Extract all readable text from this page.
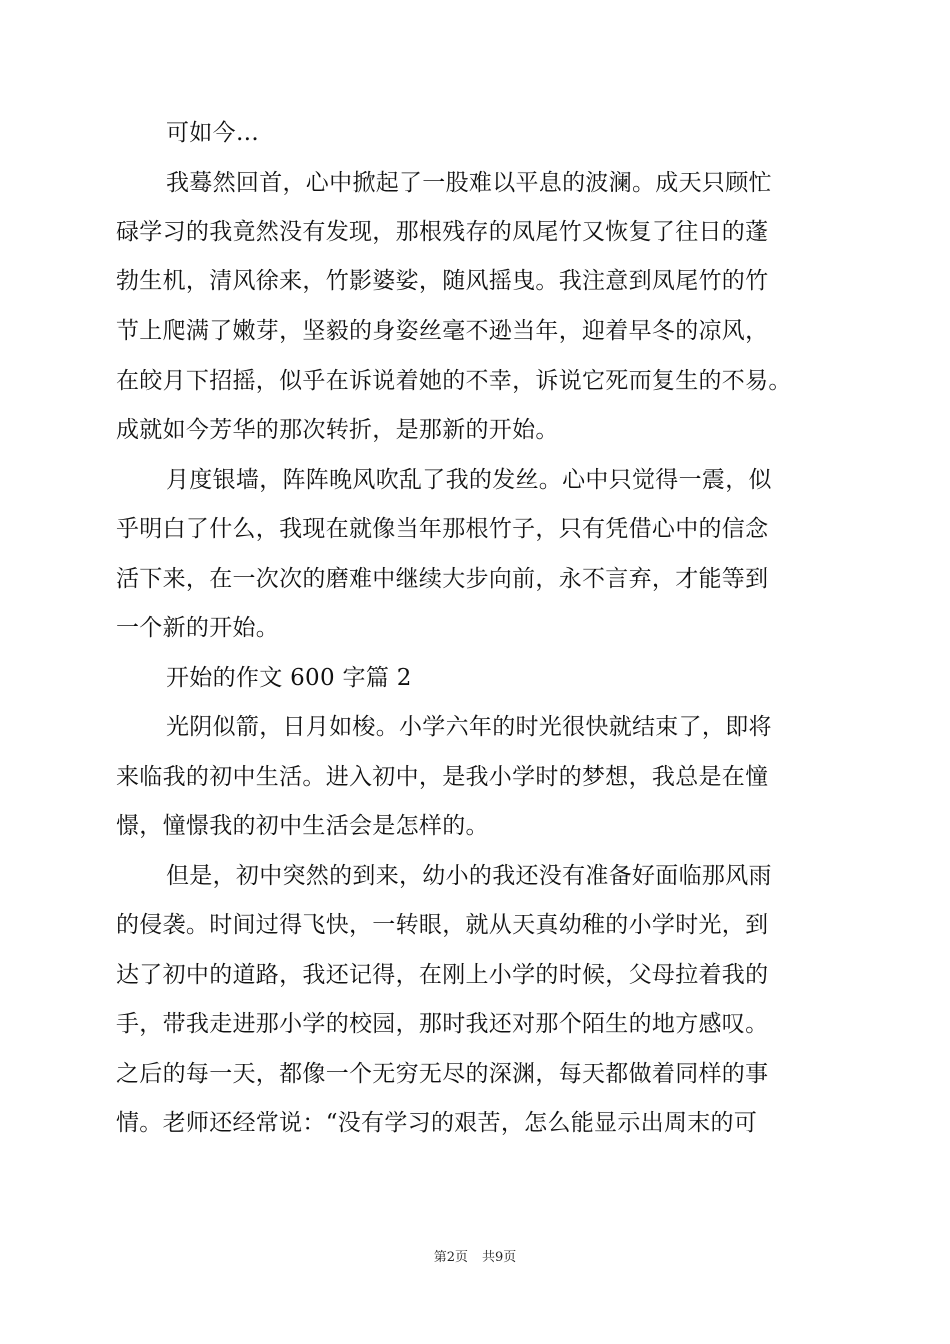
可如今…
我蓦然回首，心中掀起了一股难以平息的波澜。成天只顾忙
碌学习的我竟然没有发现，那根残存的凤尾竹又恢复了往日的蓬
勃生机，清风徐来，竹影婆娑，随风摇曳。我注意到凤尾竹的竹
节上爬满了嫩芽，坚毅的身姿丝毫不逊当年，迎着早冬的凉风，
在皎月下招摇，似乎在诉说着她的不幸，诉说它死而复生的不易。
成就如今芳华的那次转折，是那新的开始。
月度银墙，阵阵晚风吹乱了我的发丝。心中只觉得一震，似
乎明白了什么，我现在就像当年那根竹子，只有凭借心中的信念
活下来，在一次次的磨难中继续大步向前，永不言弃，才能等到
一个新的开始。
开始的作文 600 字篇 2
光阴似箭，日月如梭。小学六年的时光很快就结束了，即将
来临我的初中生活。进入初中，是我小学时的梦想，我总是在憧
憬，憧憬我的初中生活会是怎样的。
但是，初中突然的到来，幼小的我还没有准备好面临那风雨
的侵袭。时间过得飞快，一转眼，就从天真幼稚的小学时光，到
达了初中的道路，我还记得，在刚上小学的时候，父母拉着我的
手，带我走进那小学的校园，那时我还对那个陌生的地方感叹。
之后的每一天，都像一个无穷无尽的深渊，每天都做着同样的事
情。老师还经常说：“没有学习的艰苦，怎么能显示出周末的可
第2页 共9页
